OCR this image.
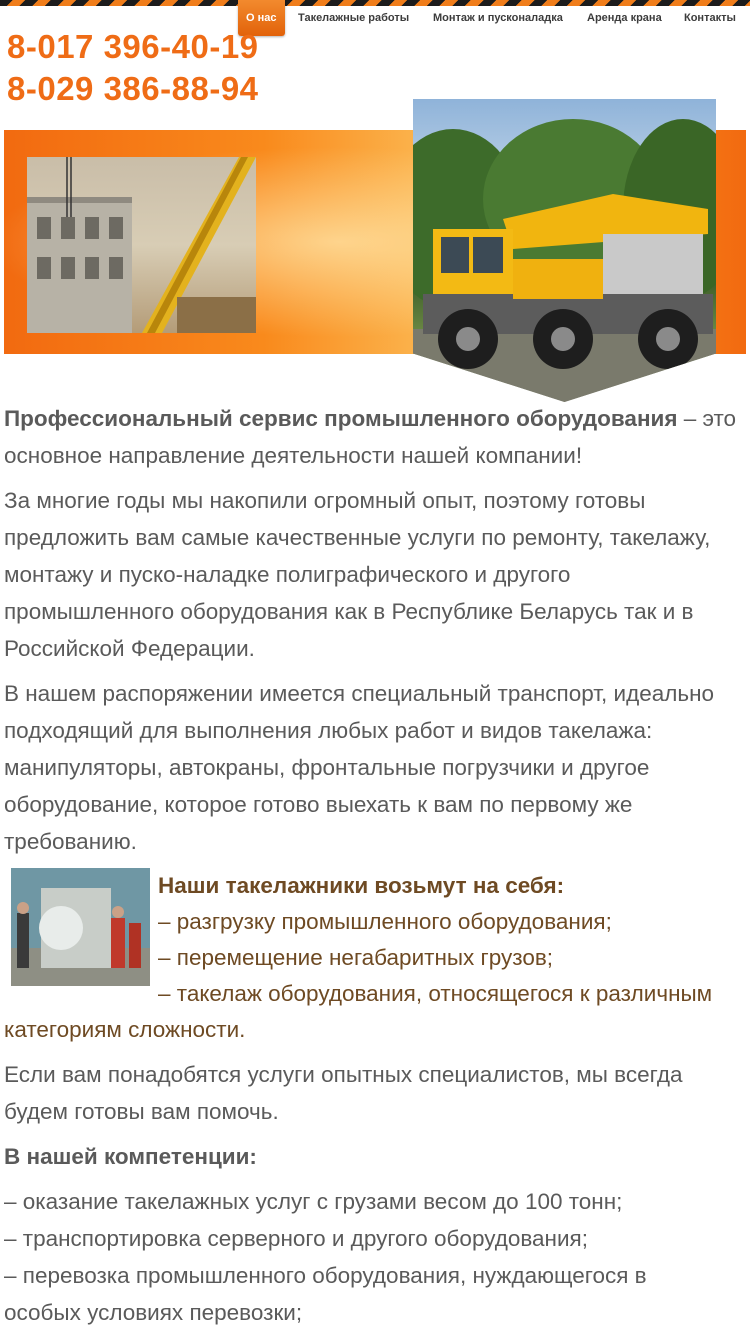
О нас	Такелажные работы Монтаж и пусконаладка Аренда крана Контакты
8-017 396-40-19
8-029 386-88-94

Профессиональный сервис промышленного оборудования – это основное направление деятельности нашей компании!

За многие годы мы накопили огромный опыт, поэтому готовы предложить вам самые качественные услуги по ремонту, такелажу, монтажу и пуско-наладке полиграфического и другого промышленного оборудования как в Республике Беларусь так и в Российской Федерации.

В нашем распоряжении имеется специальный транспорт, идеально подходящий для выполнения любых работ и видов такелажа: манипуляторы, автокраны, фронтальные погрузчики и другое оборудование, которое готово выехать к вам по первому же требованию.

Наши такелажники возьмут на себя:
– разгрузку промышленного оборудования;
– перемещение негабаритных грузов;
– такелаж оборудования, относящегося к различным категориям сложности.

Если вам понадобятся услуги опытных специалистов, мы всегда будем готовы вам помочь.

В нашей компетенции:
– оказание такелажных услуг с грузами весом до 100 тонн;
– транспортировка серверного и другого оборудования;
– перевозка промышленного оборудования, нуждающегося в
особых условиях перевозки;
